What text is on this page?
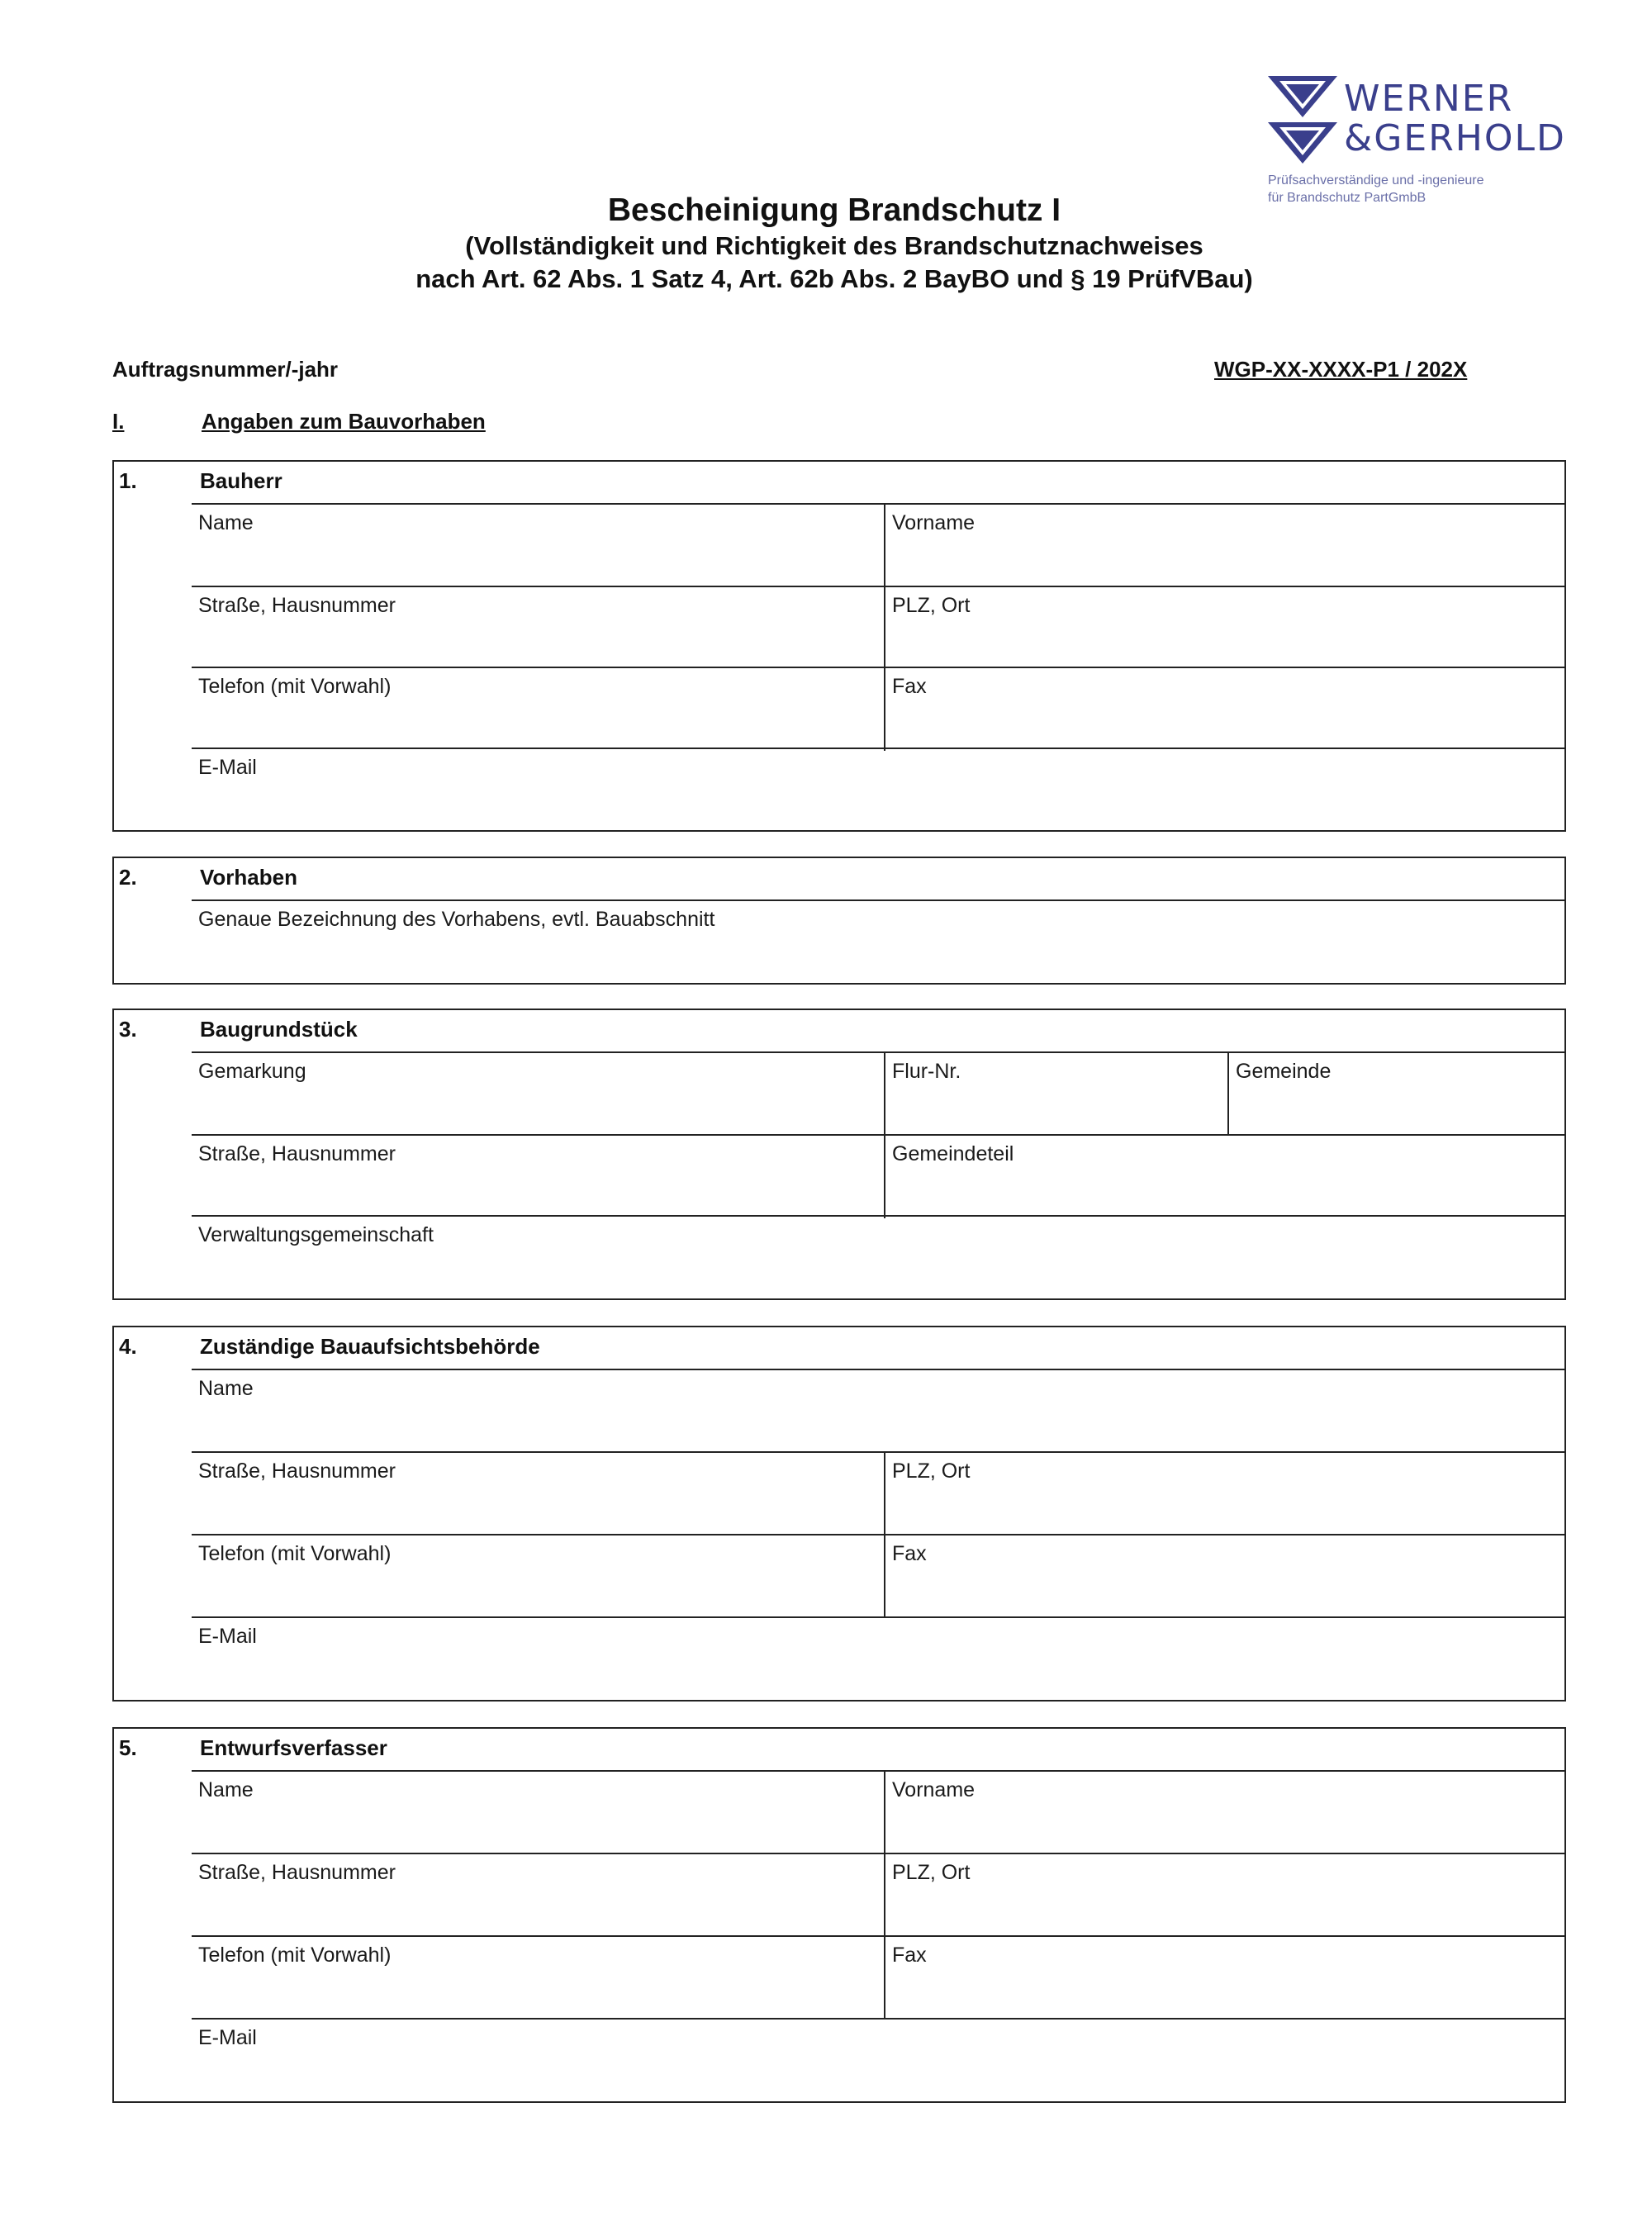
WERNER
&GERHOLD
Prüfsachverständige und -ingenieure
für Brandschutz PartGmbB
Bescheinigung Brandschutz I
(Vollständigkeit und Richtigkeit des Brandschutznachweises
nach Art. 62 Abs. 1 Satz 4, Art. 62b Abs. 2 BayBO und § 19 PrüfVBau)
Auftragsnummer/-jahr	WGP-XX-XXXX-P1 / 202X
I.	Angaben zum Bauvorhaben
1.	Bauherr
Name	Vorname
Straße, Hausnummer	PLZ, Ort
Telefon (mit Vorwahl)	Fax
E-Mail
2.	Vorhaben
Genaue Bezeichnung des Vorhabens, evtl. Bauabschnitt
3.	Baugrundstück
Gemarkung	Flur-Nr.	Gemeinde
Straße, Hausnummer	Gemeindeteil
Verwaltungsgemeinschaft
4.	Zuständige Bauaufsichtsbehörde
Name
Straße, Hausnummer	PLZ, Ort
Telefon (mit Vorwahl)	Fax
E-Mail
5.	Entwurfsverfasser
Name	Vorname
Straße, Hausnummer	PLZ, Ort
Telefon (mit Vorwahl)	Fax
E-Mail
